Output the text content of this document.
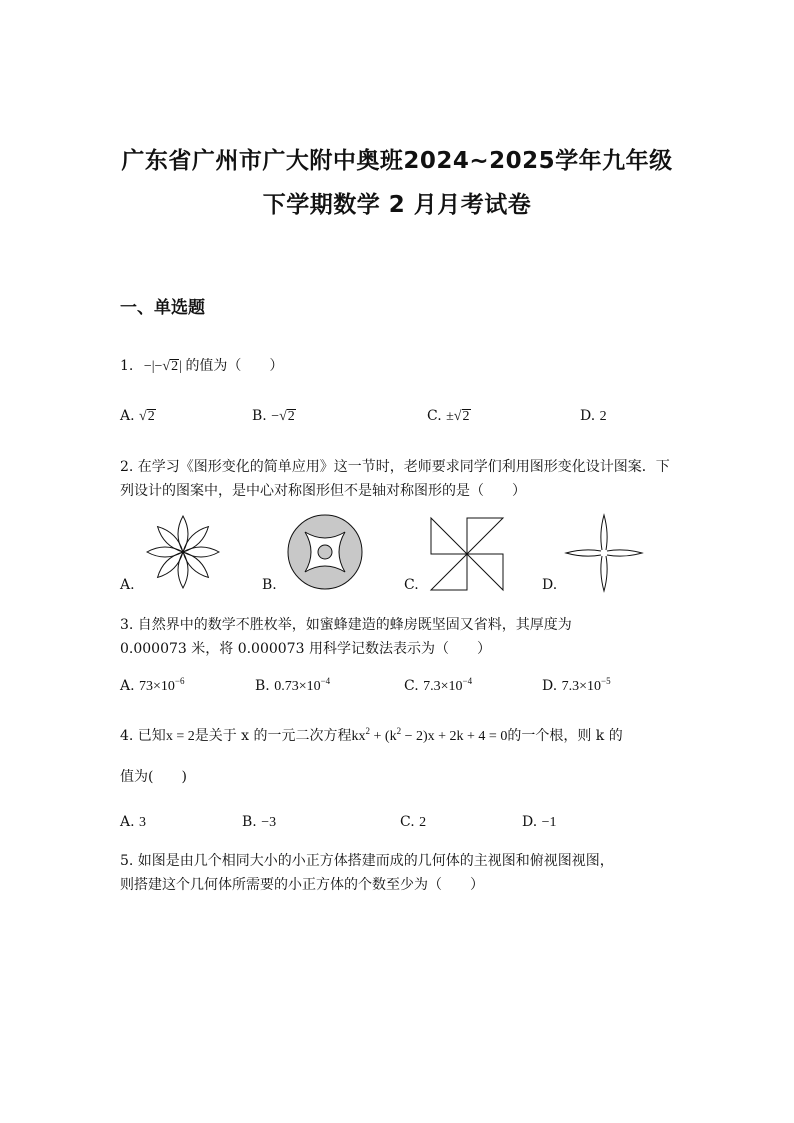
广东省广州市广大附中奥班2024~2025学年九年级
下学期数学 2 月月考试卷
一、单选题
1. −|−√2| 的值为（　　）
A. √2	B. −√2	C. ±√2	D. 2
2. 在学习《图形变化的简单应用》这一节时，老师要求同学们利用图形变化设计图案．下
列设计的图案中，是中心对称图形但不是轴对称图形的是（　　）
A.	B.	C.	D.
3. 自然界中的数学不胜枚举，如蜜蜂建造的蜂房既坚固又省料，其厚度为
0.000073 米，将 0.000073 用科学记数法表示为（　　）
A. $73\times 10^{-6}$	B. $0.73\times 10^{-4}$	C. $7.3\times 10^{-4}$	D. $7.3\times 10^{-5}$
4. 已知x = 2是关于 x 的一元二次方程$kx^2 + (k^2 - 2)x + 2k + 4 = 0$的一个根，则 k 的
值为(　　)
A. 3	B. −3	C. 2	D. −1
5. 如图是由几个相同大小的小正方体搭建而成的几何体的主视图和俯视图视图，
则搭建这个几何体所需要的小正方体的个数至少为（　　）
